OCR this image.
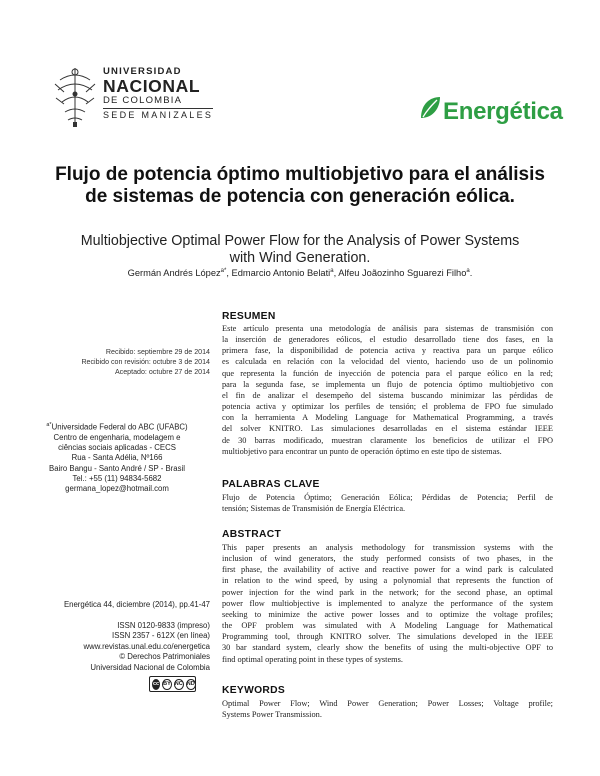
UNIVERSIDAD
NACIONAL
DE COLOMBIA
SEDE MANIZALES	Energética
Flujo de potencia óptimo multiobjetivo para el análisis
de sistemas de potencia con generación eólica.
Multiobjective Optimal Power Flow for the Analysis of Power Systems
with Wind Generation.
Germán Andrés López$^{a*}$, Edmarcio Antonio Belati$^a$, Alfeu Joãozinho Sguarezi Filho$^a$.
Recibido: septiembre 29 de 2014
Recibido con revisión: octubre 3 de 2014
Aceptado: octubre 27 de 2014
$^{a*}$Universidade Federal do ABC (UFABC)
Centro de engenharia, modelagem e
ciências sociais aplicadas - CECS
Rua - Santa Adélia, Nº166
Bairo Bangu - Santo André / SP - Brasil
Tel.: +55 (11) 94834-5682
germana_lopez@hotmail.com
Energética 44, diciembre (2014), pp.41-47
ISSN 0120-9833 (impreso)
ISSN 2357 - 612X (en línea)
www.revistas.unal.edu.co/energetica
© Derechos Patrimoniales
Universidad Nacional de Colombia
cc BY NC ND
RESUMEN
Este artículo presenta una metodología de análisis para sistemas de transmisión con
la inserción de generadores eólicos, el estudio desarrollado tiene dos fases, en la
primera fase, la disponibilidad de potencia activa y reactiva para un parque eólico
es calculada en relación con la velocidad del viento, haciendo uso de un polinomio
que representa la función de inyección de potencia para el parque eólico en la red;
para la segunda fase, se implementa un flujo de potencia óptimo multiobjetivo con
el fin de analizar el desempeño del sistema buscando minimizar las pérdidas de
potencia activa y optimizar los perfiles de tensión; el problema de FPO fue simulado
con la herramienta A Modeling Language for Mathematical Programming, a través
del solver KNITRO. Las simulaciones desarrolladas en el sistema estándar IEEE
de 30 barras modificado, muestran claramente los beneficios de utilizar el FPO
multiobjetivo para encontrar un punto de operación óptimo en este tipo de sistemas.
PALABRAS CLAVE
Flujo de Potencia Óptimo; Generación Eólica; Pérdidas de Potencia; Perfil de
tensión; Sistemas de Transmisión de Energía Eléctrica.
ABSTRACT
This paper presents an analysis methodology for transmission systems with the
inclusion of wind generators, the study performed consists of two phases, in the
first phase, the availability of active and reactive power for a wind park is calculated
in relation to the wind speed, by using a polynomial that represents the function of
power injection for the wind park in the network; for the second phase, an optimal
power flow multiobjective is implemented to analyze the performance of the system
seeking to minimize the active power losses and to optimize the voltage profiles;
the OPF problem was simulated with A Modeling Language for Mathematical
Programming tool, through KNITRO solver. The simulations developed in the IEEE
30 bar standard system, clearly show the benefits of using the multi-objective OPF to
find optimal operating point in these types of systems.
KEYWORDS
Optimal Power Flow; Wind Power Generation; Power Losses; Voltage profile;
Systems Power Transmission.
